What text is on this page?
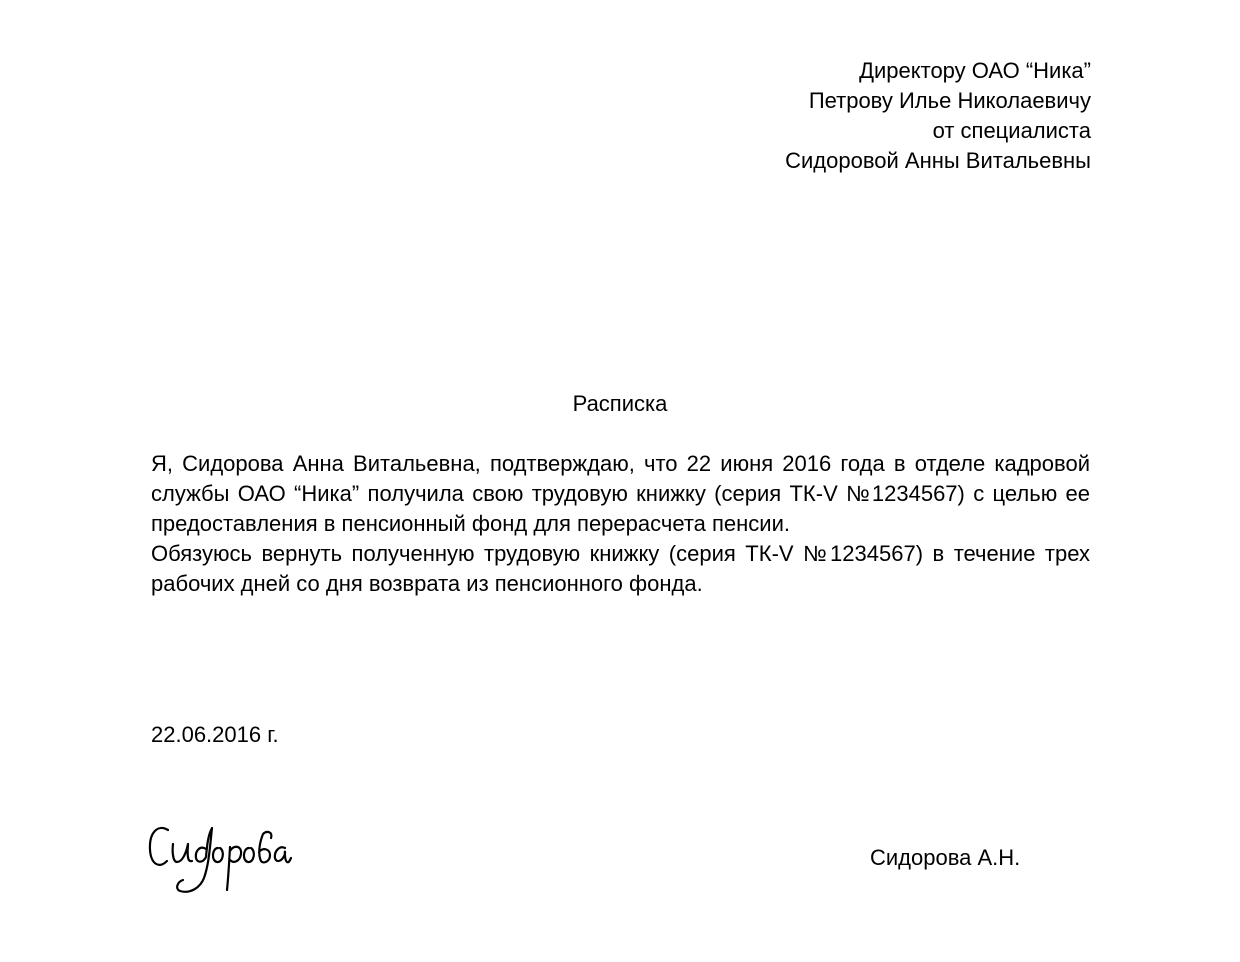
Директору ОАО “Ника”
Петрову Илье Николаевичу
от специалиста
Сидоровой Анны Витальевны
Расписка

Я, Сидорова Анна Витальевна, подтверждаю, что 22 июня 2016 года в отделе кадровой службы ОАО “Ника” получила свою трудовую книжку (серия ТК-V №1234567) с целью ее предоставления в пенсионный фонд для перерасчета пенсии.

Обязуюсь вернуть полученную трудовую книжку (серия ТК-V №1234567) в течение трех рабочих дней со дня возврата из пенсионного фонда.

22.06.2016 г.
Сидорова А.Н.
